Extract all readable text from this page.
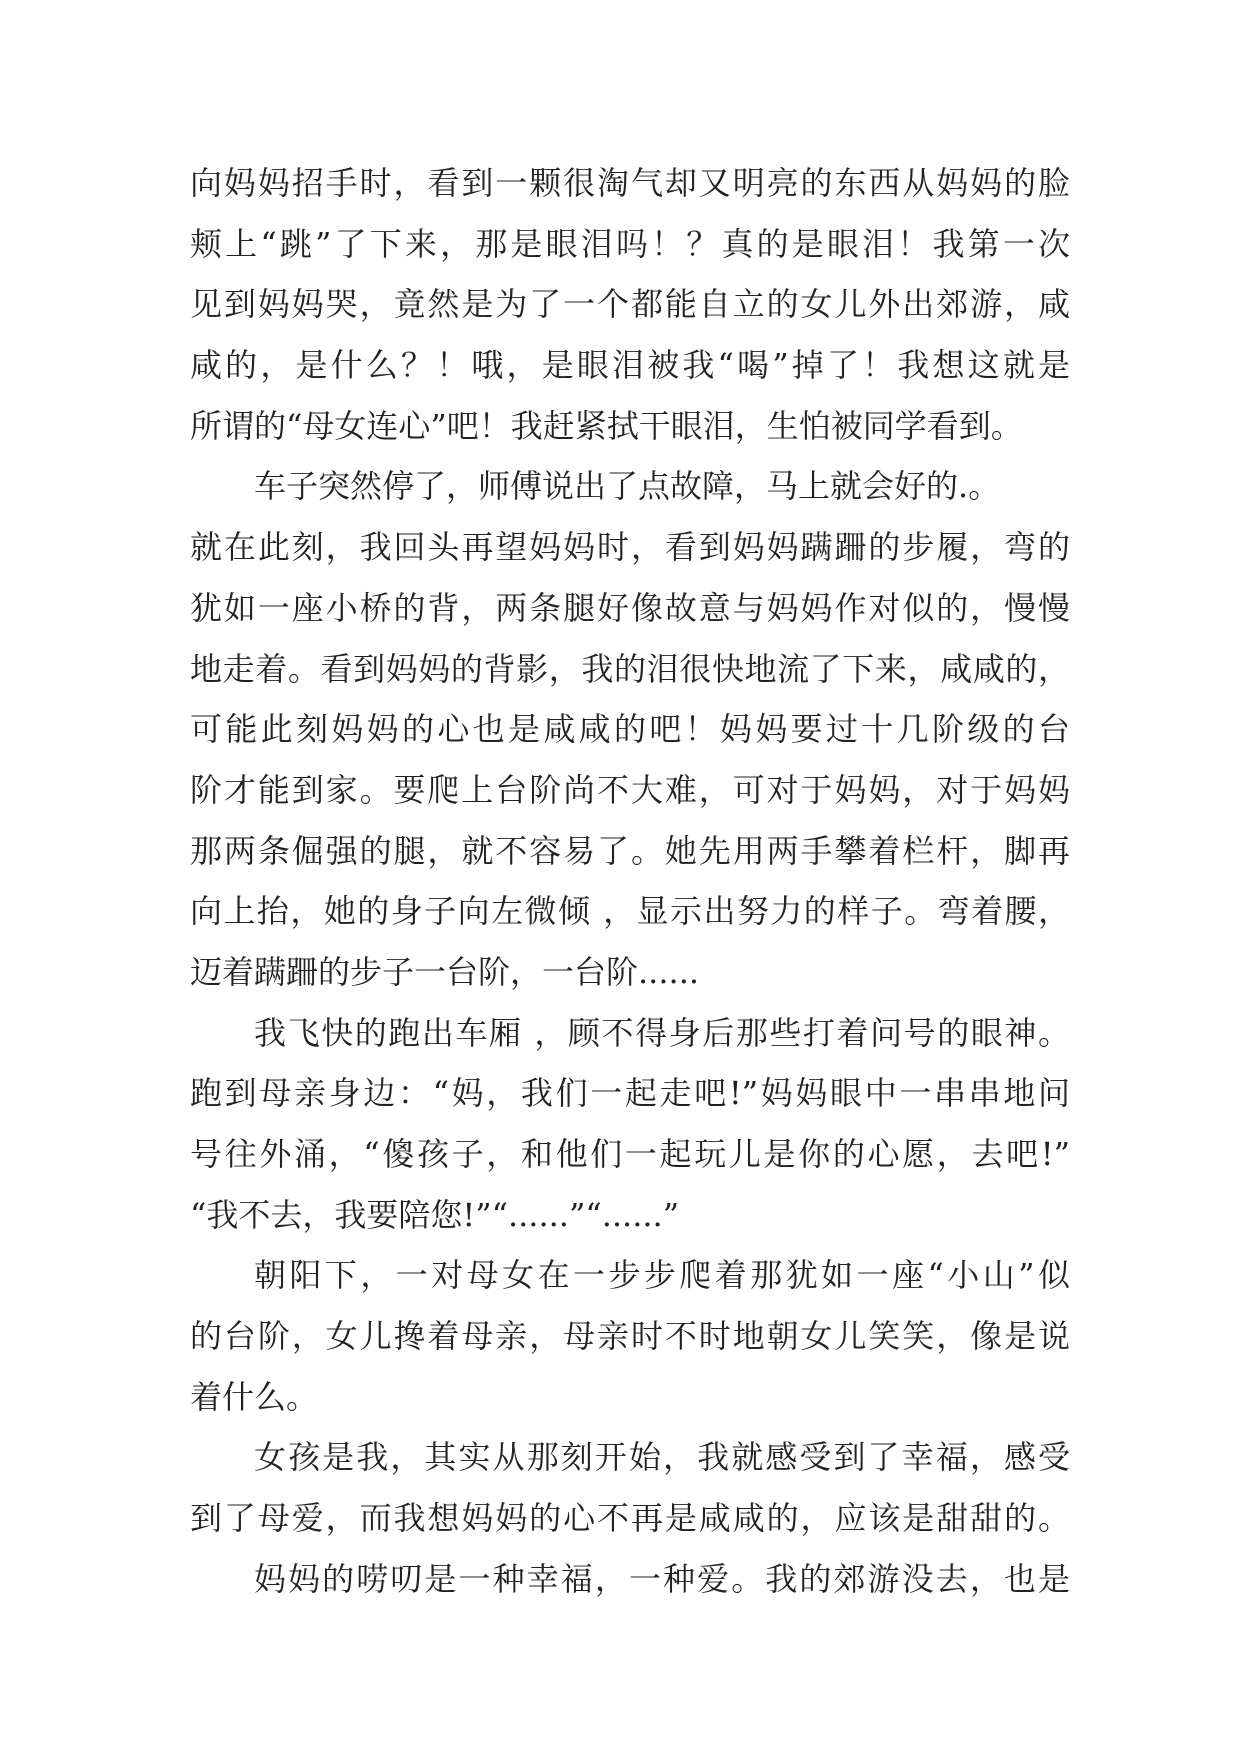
向妈妈招手时，看到一颗很淘气却又明亮的东西从妈妈的脸
颊上“跳”了下来，那是眼泪吗！？真的是眼泪！我第一次
见到妈妈哭，竟然是为了一个都能自立的女儿外出郊游，咸
咸的，是什么？！哦，是眼泪被我“喝”掉了！我想这就是
所谓的“母女连心”吧！我赶紧拭干眼泪，生怕被同学看到。
车子突然停了，师傅说出了点故障，马上就会好的.。
就在此刻，我回头再望妈妈时，看到妈妈蹒跚的步履，弯的
犹如一座小桥的背，两条腿好像故意与妈妈作对似的，慢慢
地走着。看到妈妈的背影，我的泪很快地流了下来，咸咸的，
可能此刻妈妈的心也是咸咸的吧！妈妈要过十几阶级的台
阶才能到家。要爬上台阶尚不大难，可对于妈妈，对于妈妈
那两条倔强的腿，就不容易了。她先用两手攀着栏杆，脚再
向上抬，她的身子向左微倾 ，显示出努力的样子。弯着腰，
迈着蹒跚的步子一台阶，一台阶......
我飞快的跑出车厢 ，顾不得身后那些打着问号的眼神。
跑到母亲身边：“妈，我们一起走吧!”妈妈眼中一串串地问
号往外涌，“傻孩子，和他们一起玩儿是你的心愿，去吧!”
“我不去，我要陪您!”“......”“......”
朝阳下，一对母女在一步步爬着那犹如一座“小山”似
的台阶，女儿搀着母亲，母亲时不时地朝女儿笑笑，像是说
着什么。
女孩是我，其实从那刻开始，我就感受到了幸福，感受
到了母爱，而我想妈妈的心不再是咸咸的，应该是甜甜的。
妈妈的唠叨是一种幸福，一种爱。我的郊游没去，也是
